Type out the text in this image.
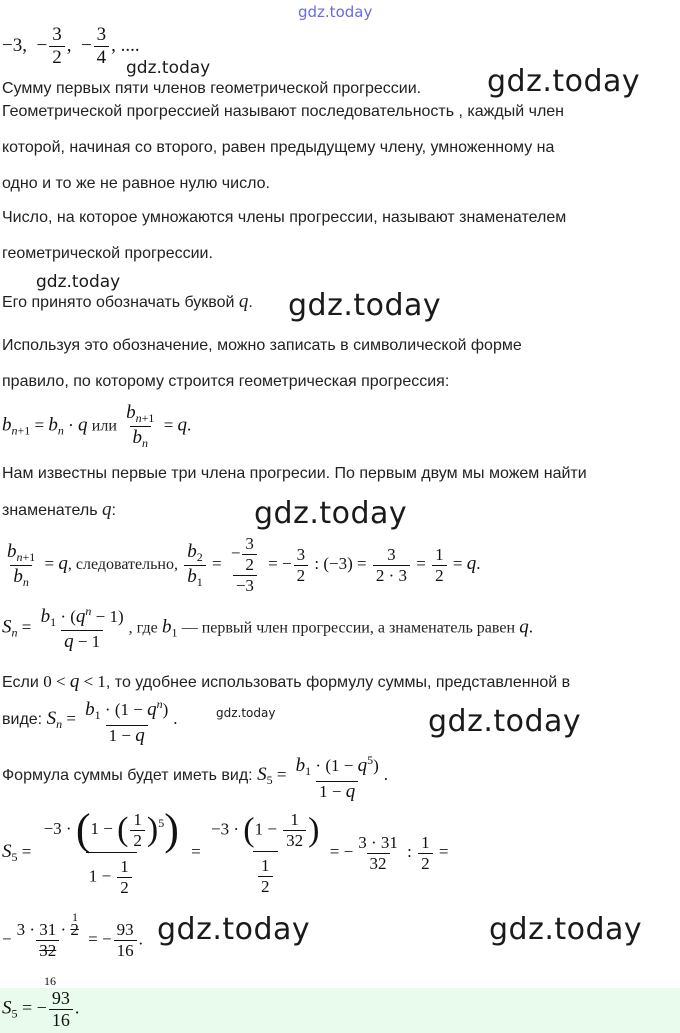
gdz.today
−3,  − $\frac{3}{2}$ ,  − $\frac{3}{4}$ , ....
gdz.today
Сумму первых пяти членов геометрической прогрессии. gdz.today
Геометрической прогрессией называют последовательность , каждый член
которой, начиная со второго, равен предыдущему члену, умноженному на
одно и то же не равное нулю число.
Число, на которое умножаются члены прогрессии, называют знаменателем
геометрической прогрессии.
gdz.today
Его принято обозначать буквой q. gdz.today
Используя это обозначение, можно записать в символической форме
правило, по которому строится геометрическая прогрессия:
$b_{n+1} = b_n \cdot q$ или $\frac{b_{n+1}}{b_n} = q$.
Нам известны первые три члена прогресии. По первым двум мы можем найти
знаменатель q:	gdz.today
$\frac{b_{n+1}}{b_n} = q$, следовательно, $\frac{b_2}{b_1} = \frac{- \frac{3}{2}}{-3}$ = − $\frac{3}{2}$ : $(-3) = \frac{3}{2 \cdot 3} = \frac{1}{2} = q$.
$S_n = \frac{b_1 \cdot (q^n - 1)}{q - 1}$ , где $b_1$ — первый член прогрессии, а знаменатель равен q.
Если 0 < q < 1, то удобнее использовать формулу суммы, представленной в
виде: $S_n = \frac{b_1 \cdot (1 - q^n)}{1 - q}$ .	gdz.today	gdz.today
Формула суммы будет иметь вид: $S_5 = \frac{b_1 \cdot (1 - q^5)}{1 - q}$ .
$S_5 = \frac{-3 \cdot (1 - ( \frac{1}{2} )^5)}{1 - \frac{1}{2}} = \frac{-3 \cdot (1 - \frac{1}{32} )}{\frac{1}{2}}$ = − $\frac{3 \cdot 31}{32}$ : $\frac{1}{2}$ =
− $\frac{3 \cdot 31 \cdot 2}{32}$ = − $\frac{93}{16}$ .
1
16
gdz.today	gdz.today
$S_5$ = − $\frac{93}{16}$ .
